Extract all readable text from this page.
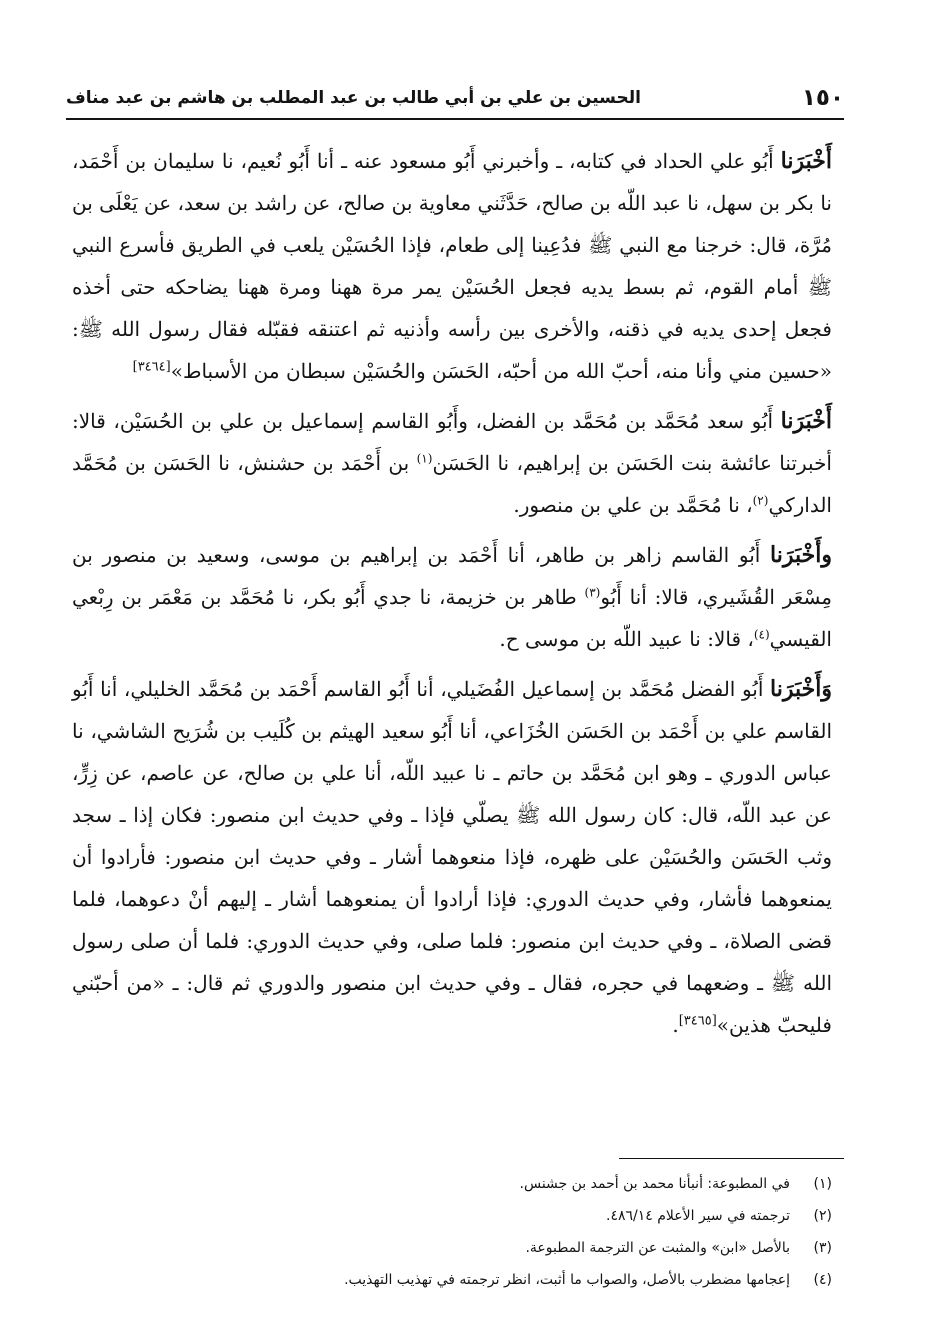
١٥٠
الحسين بن علي بن أبي طالب بن عبد المطلب بن هاشم بن عبد مناف

أَخْبَرَنا أَبُو علي الحداد في كتابه، ـ وأخبرني أَبُو مسعود عنه ـ أنا أَبُو نُعيم، نا سليمان بن أَحْمَد، نا بكر بن سهل، نا عبد اللّه بن صالح، حَدَّثَني معاوية بن صالح، عن راشد بن سعد، عن يَعْلَى بن مُرَّة، قال: خرجنا مع النبي ﷺ فدُعِينا إلى طعام، فإذا الحُسَيْن يلعب في الطريق فأسرع النبي ﷺ أمام القوم، ثم بسط يديه فجعل الحُسَيْن يمر مرة ههنا ومرة ههنا يضاحكه حتى أخذه فجعل إحدى يديه في ذقنه، والأخرى بين رأسه وأذنيه ثم اعتنقه فقبّله فقال رسول الله ﷺ: «حسين مني وأنا منه، أحبّ الله من أحبّه، الحَسَن والحُسَيْن سبطان من الأسباط»[٣٤٦٤]

أَخْبَرَنا أَبُو سعد مُحَمَّد بن مُحَمَّد بن الفضل، وأَبُو القاسم إسماعيل بن علي بن الحُسَيْن، قالا: أخبرتنا عائشة بنت الحَسَن بن إبراهيم، نا الحَسَن$^{(١)}$ بن أَحْمَد بن حشنش، نا الحَسَن بن مُحَمَّد الداركي$^{(٢)}$، نا مُحَمَّد بن علي بن منصور.

وأَخْبَرَنا أَبُو القاسم زاهر بن طاهر، أنا أَحْمَد بن إبراهيم بن موسى، وسعيد بن منصور بن مِسْعَر القُشَيري، قالا: أنا أَبُو$^{(٣)}$ طاهر بن خزيمة، نا جدي أَبُو بكر، نا مُحَمَّد بن مَعْمَر بن رِبْعي القيسي$^{(٤)}$، قالا: نا عبيد اللّه بن موسى ح.

وَأَخْبَرَنا أَبُو الفضل مُحَمَّد بن إسماعيل الفُضَيلي، أنا أَبُو القاسم أَحْمَد بن مُحَمَّد الخليلي، أنا أَبُو القاسم علي بن أَحْمَد بن الحَسَن الخُزَاعي، أنا أَبُو سعيد الهيثم بن كُلَيب بن شُرَيح الشاشي، نا عباس الدوري ـ وهو ابن مُحَمَّد بن حاتم ـ نا عبيد اللّه، أنا علي بن صالح، عن عاصم، عن زِرٍّ، عن عبد اللّه، قال: كان رسول الله ﷺ يصلّي فإذا ـ وفي حديث ابن منصور: فكان إذا ـ سجد وثب الحَسَن والحُسَيْن على ظهره، فإذا منعوهما أشار ـ وفي حديث ابن منصور: فأرادوا أن يمنعوهما فأشار، وفي حديث الدوري: فإذا أرادوا أن يمنعوهما أشار ـ إليهم أنْ دعوهما، فلما قضى الصلاة، ـ وفي حديث ابن منصور: فلما صلى، وفي حديث الدوري: فلما أن صلى رسول الله ﷺ ـ وضعهما في حجره، فقال ـ وفي حديث ابن منصور والدوري ثم قال: ـ «من أحبّني فليحبّ هذين»[٣٤٦٥].

(١)
في المطبوعة: أنبأنا محمد بن أحمد بن جشنس.
(٢)
ترجمته في سير الأعلام ٤٨٦/١٤.
(٣)
بالأصل «ابن» والمثبت عن الترجمة المطبوعة.
(٤)
إعجامها مضطرب بالأصل، والصواب ما أثبت، انظر ترجمته في تهذيب التهذيب.
